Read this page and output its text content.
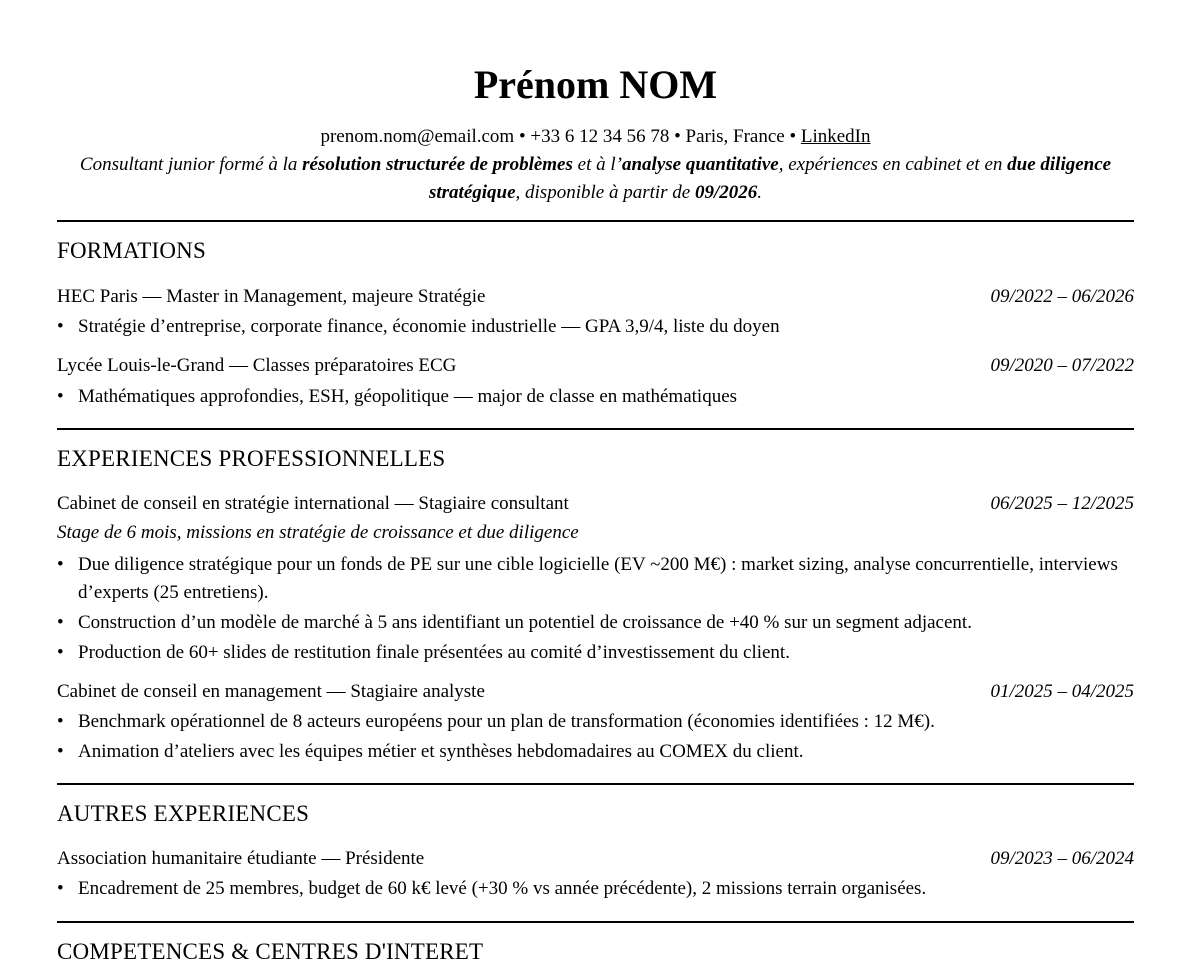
Prénom NOM
prenom.nom@email.com • +33 6 12 34 56 78 • Paris, France • LinkedIn
Consultant junior formé à la résolution structurée de problèmes et à l’analyse quantitative, expériences en cabinet et en due diligence stratégique, disponible à partir de 09/2026.
FORMATIONS
HEC Paris — Master in Management, majeure Stratégie	09/2022 – 06/2026
• Stratégie d’entreprise, corporate finance, économie industrielle — GPA 3,9/4, liste du doyen
Lycée Louis-le-Grand — Classes préparatoires ECG	09/2020 – 07/2022
• Mathématiques approfondies, ESH, géopolitique — major de classe en mathématiques
EXPERIENCES PROFESSIONNELLES
Cabinet de conseil en stratégie international — Stagiaire consultant	06/2025 – 12/2025
Stage de 6 mois, missions en stratégie de croissance et due diligence
• Due diligence stratégique pour un fonds de PE sur une cible logicielle (EV ~200 M€) : market sizing, analyse concurrentielle, interviews d’experts (25 entretiens).
• Construction d’un modèle de marché à 5 ans identifiant un potentiel de croissance de +40 % sur un segment adjacent.
• Production de 60+ slides de restitution finale présentées au comité d’investissement du client.
Cabinet de conseil en management — Stagiaire analyste	01/2025 – 04/2025
• Benchmark opérationnel de 8 acteurs européens pour un plan de transformation (économies identifiées : 12 M€).
• Animation d’ateliers avec les équipes métier et synthèses hebdomadaires au COMEX du client.
AUTRES EXPERIENCES
Association humanitaire étudiante — Présidente	09/2023 – 06/2024
• Encadrement de 25 membres, budget de 60 k€ levé (+30 % vs année précédente), 2 missions terrain organisées.
COMPETENCES & CENTRES D'INTERET
